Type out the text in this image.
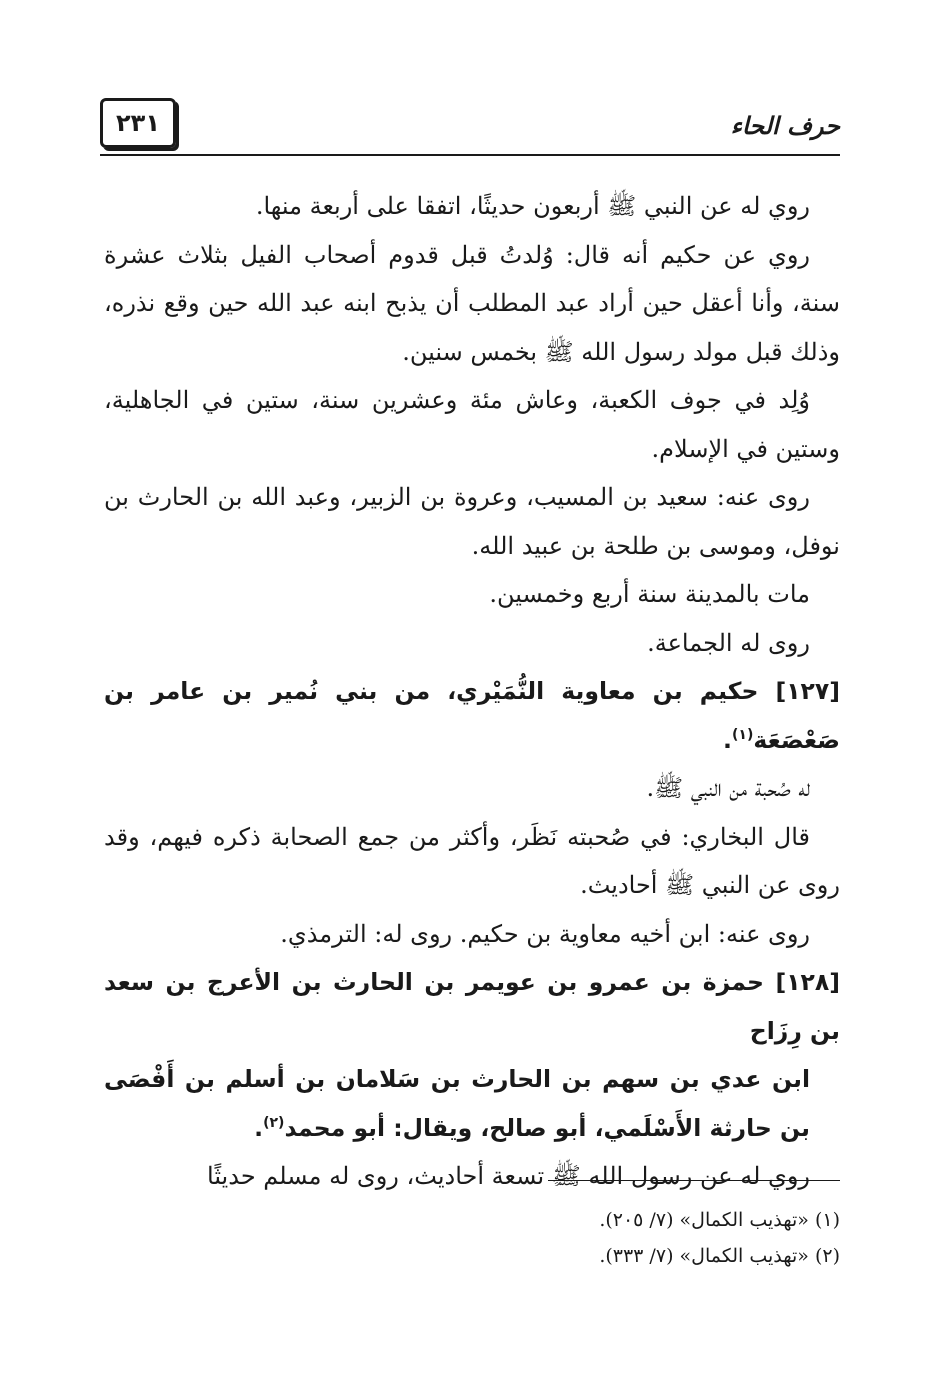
حرف الحاء
٢٣١

روي له عن النبي ﷺ أربعون حديثًا، اتفقا على أربعة منها.

روي عن حكيم أنه قال: وُلدتُ قبل قدوم أصحاب الفيل بثلاث عشرة سنة، وأنا أعقل حين أراد عبد المطلب أن يذبح ابنه عبد الله حين وقع نذره، وذلك قبل مولد رسول الله ﷺ بخمس سنين.

وُلِد في جوف الكعبة، وعاش مئة وعشرين سنة، ستين في الجاهلية، وستين في الإسلام.

روى عنه: سعيد بن المسيب، وعروة بن الزبير، وعبد الله بن الحارث بن نوفل، وموسى بن طلحة بن عبيد الله.

مات بالمدينة سنة أربع وخمسين.

روى له الجماعة.

[١٢٧] حكيم بن معاوية النُّمَيْري، من بني نُمير بن عامر بن صَعْصَعَة$^{(١)}$.

له صُحبة من النبي ﷺ.

قال البخاري: في صُحبته نَظَر، وأكثر من جمع الصحابة ذكره فيهم، وقد روى عن النبي ﷺ أحاديث.

روى عنه: ابن أخيه معاوية بن حكيم. روى له: الترمذي.

[١٢٨] حمزة بن عمرو بن عويمر بن الحارث بن الأعرج بن سعد بن رِزَاح
ابن عدي بن سهم بن الحارث بن سَلامان بن أسلم بن أَفْصَى بن حارثة الأَسْلَمي، أبو صالح، ويقال: أبو محمد$^{(٢)}$.

روي له عن رسول الله ﷺ تسعة أحاديث، روى له مسلم حديثًا

(١) «تهذيب الكمال» (٧/ ٢٠٥).

(٢) «تهذيب الكمال» (٧/ ٣٣٣).
